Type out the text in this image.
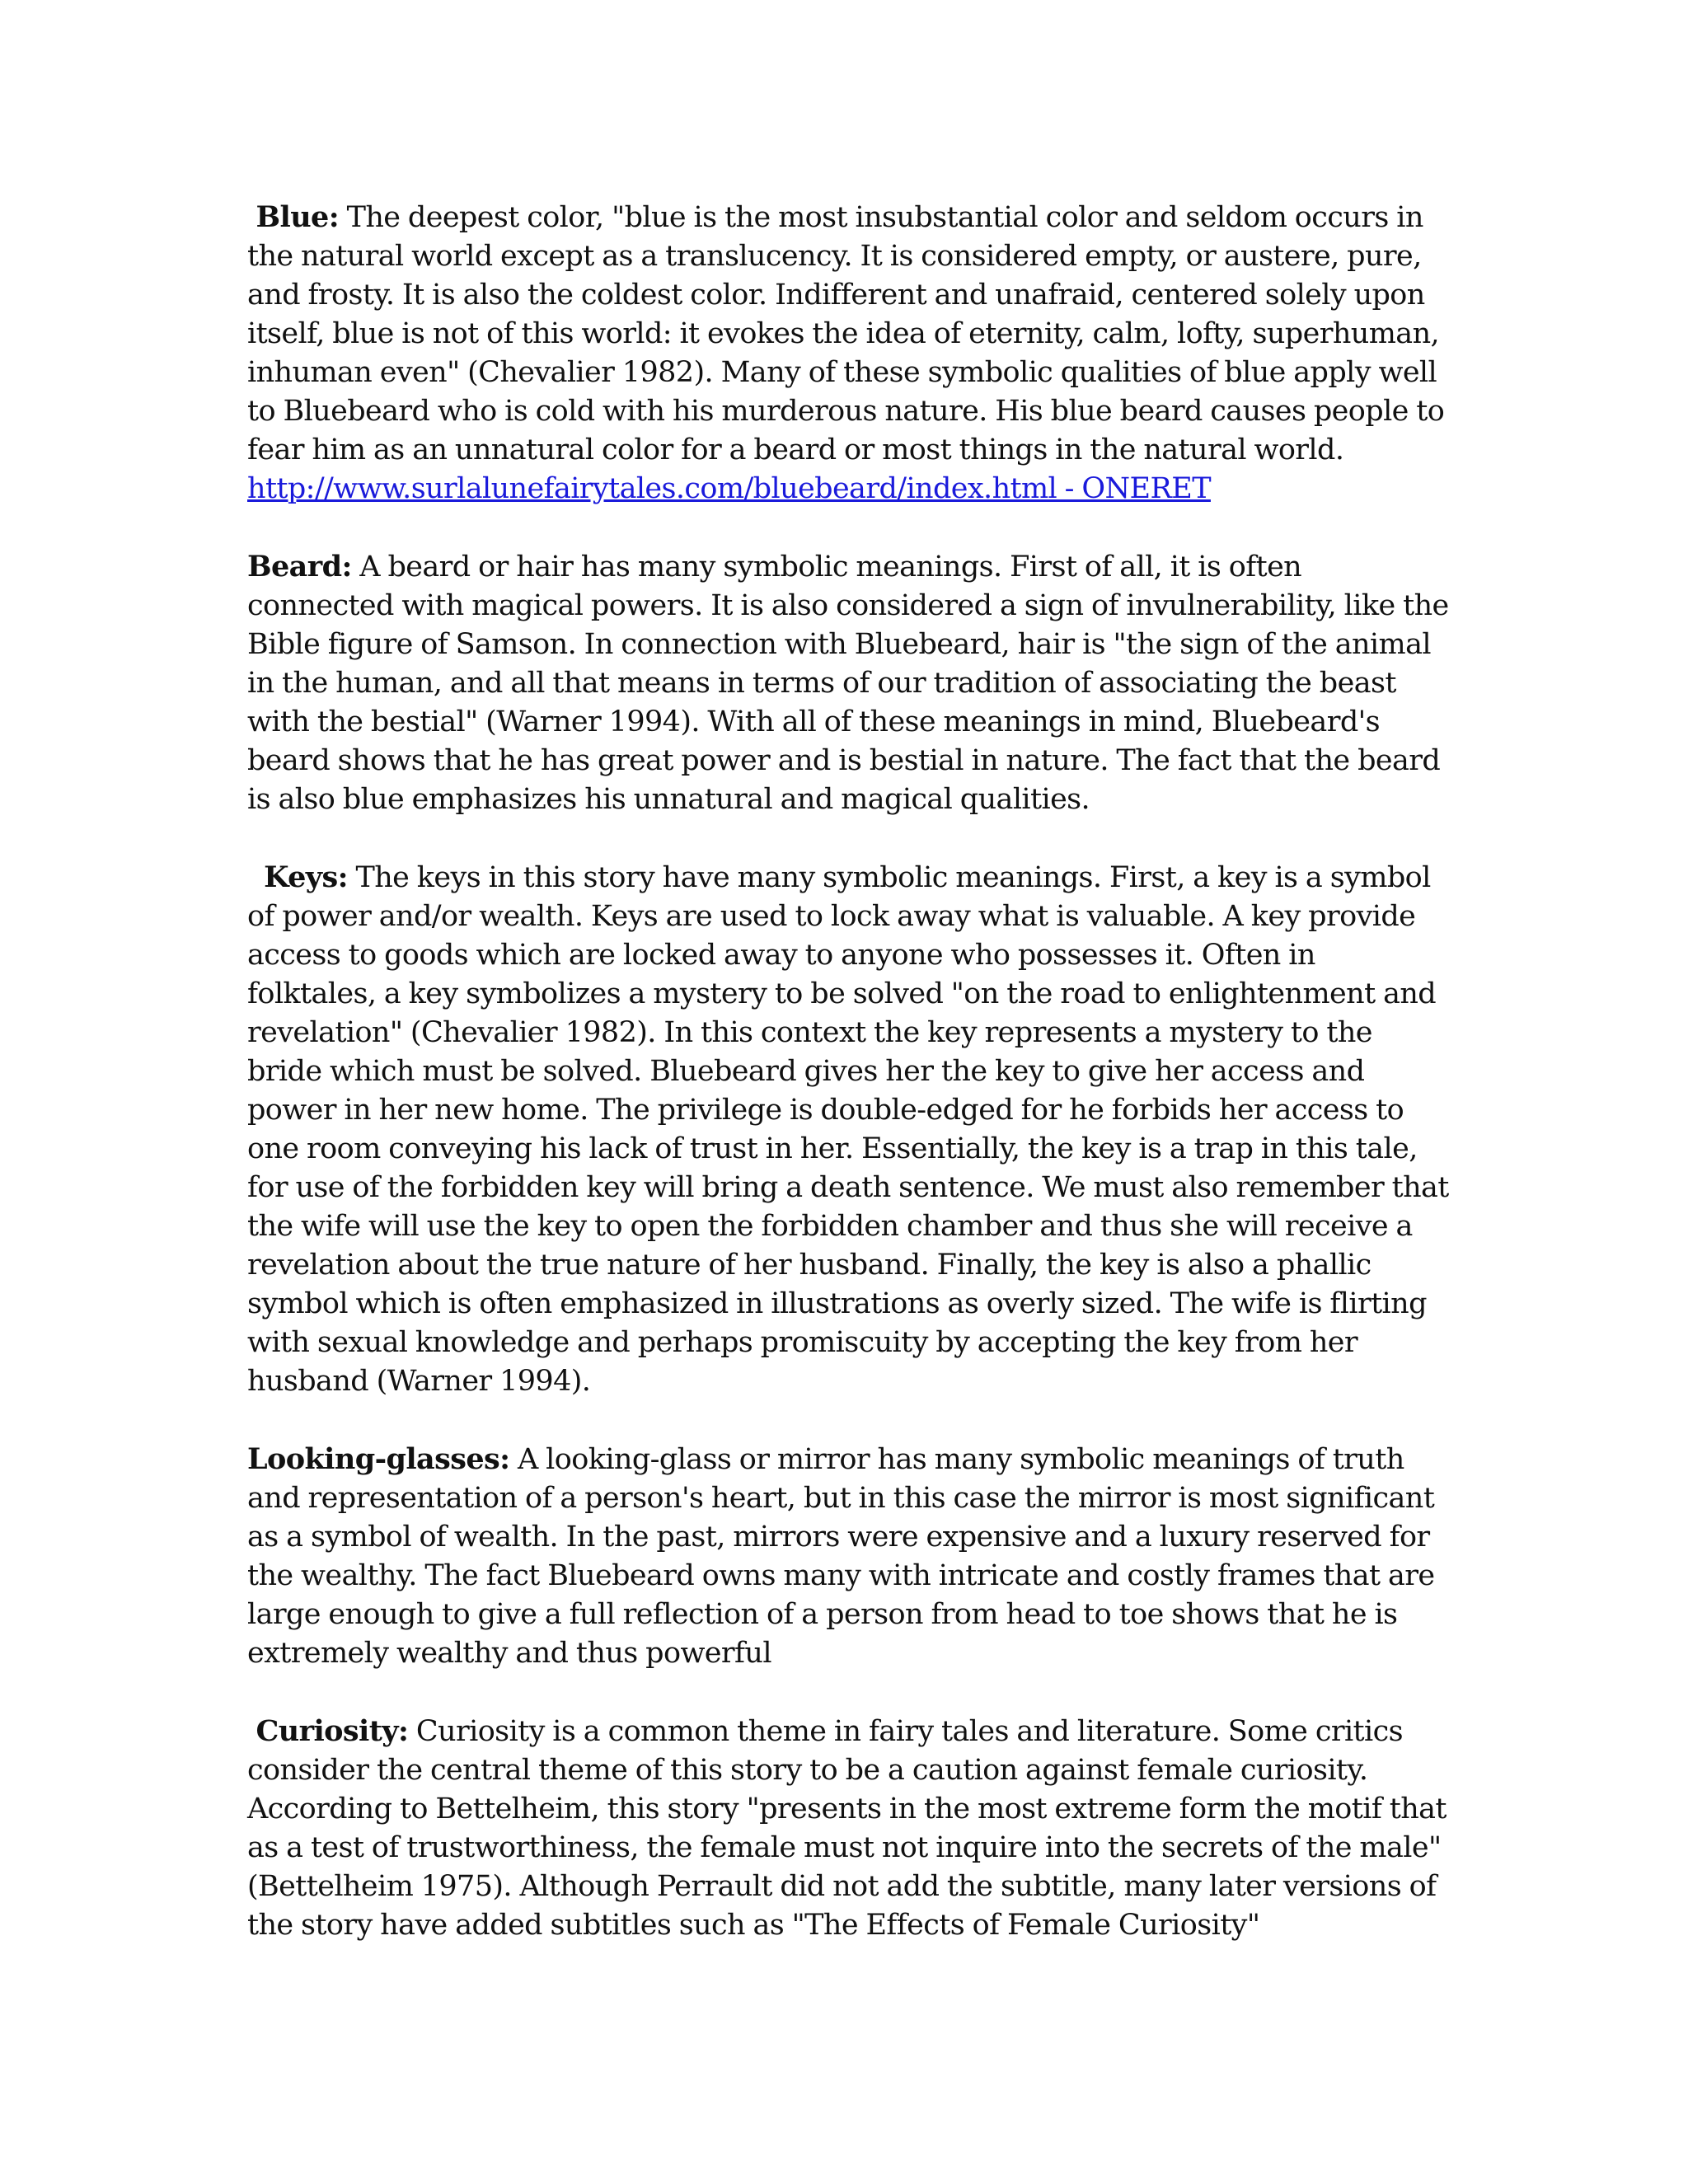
Blue: The deepest color, "blue is the most insubstantial color and seldom occurs in the natural world except as a translucency. It is considered empty, or austere, pure, and frosty. It is also the coldest color. Indifferent and unafraid, centered solely upon itself, blue is not of this world: it evokes the idea of eternity, calm, lofty, superhuman, inhuman even" (Chevalier 1982). Many of these symbolic qualities of blue apply well to Bluebeard who is cold with his murderous nature. His blue beard causes people to fear him as an unnatural color for a beard or most things in the natural world.

http://www.surlalunefairytales.com/bluebeard/index.html - ONERET

Beard: A beard or hair has many symbolic meanings. First of all, it is often connected with magical powers. It is also considered a sign of invulnerability, like the Bible figure of Samson. In connection with Bluebeard, hair is "the sign of the animal in the human, and all that means in terms of our tradition of associating the beast with the bestial" (Warner 1994). With all of these meanings in mind, Bluebeard's beard shows that he has great power and is bestial in nature. The fact that the beard is also blue emphasizes his unnatural and magical qualities.

Keys: The keys in this story have many symbolic meanings. First, a key is a symbol of power and/or wealth. Keys are used to lock away what is valuable. A key provide access to goods which are locked away to anyone who possesses it. Often in folktales, a key symbolizes a mystery to be solved "on the road to enlightenment and revelation" (Chevalier 1982). In this context the key represents a mystery to the bride which must be solved. Bluebeard gives her the key to give her access and power in her new home. The privilege is double-edged for he forbids her access to one room conveying his lack of trust in her. Essentially, the key is a trap in this tale, for use of the forbidden key will bring a death sentence. We must also remember that the wife will use the key to open the forbidden chamber and thus she will receive a revelation about the true nature of her husband. Finally, the key is also a phallic symbol which is often emphasized in illustrations as overly sized. The wife is flirting with sexual knowledge and perhaps promiscuity by accepting the key from her husband (Warner 1994).

Looking-glasses: A looking-glass or mirror has many symbolic meanings of truth and representation of a person's heart, but in this case the mirror is most significant as a symbol of wealth. In the past, mirrors were expensive and a luxury reserved for the wealthy. The fact Bluebeard owns many with intricate and costly frames that are large enough to give a full reflection of a person from head to toe shows that he is extremely wealthy and thus powerful

Curiosity: Curiosity is a common theme in fairy tales and literature. Some critics consider the central theme of this story to be a caution against female curiosity. According to Bettelheim, this story "presents in the most extreme form the motif that as a test of trustworthiness, the female must not inquire into the secrets of the male" (Bettelheim 1975). Although Perrault did not add the subtitle, many later versions of the story have added subtitles such as "The Effects of Female Curiosity"
